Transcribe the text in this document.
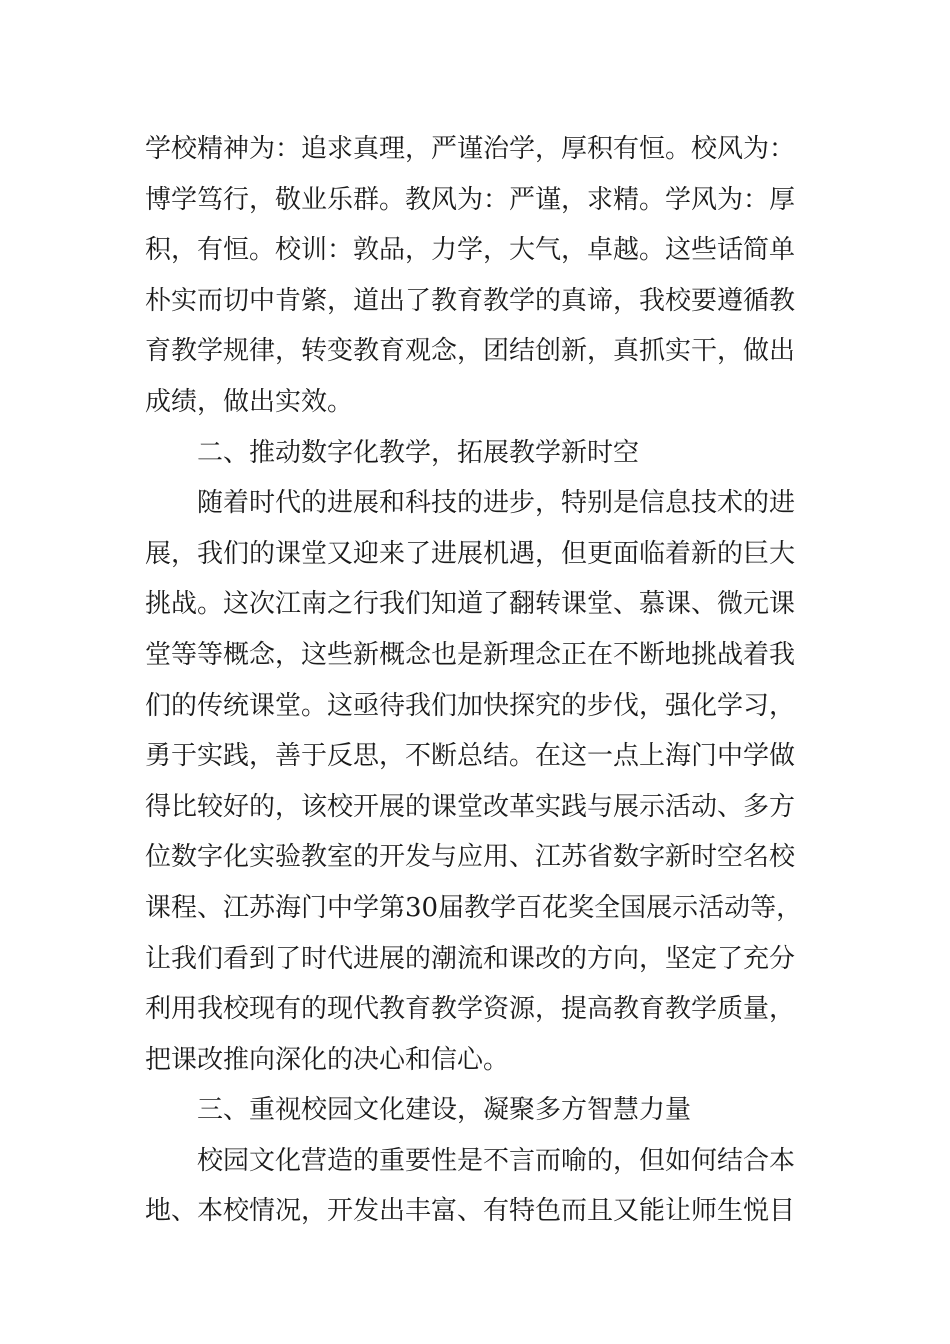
学校精神为：追求真理，严谨治学，厚积有恒。校风为：
博学笃行，敬业乐群。教风为：严谨，求精。学风为：厚
积，有恒。校训：敦品，力学，大气，卓越。这些话简单
朴实而切中肯綮，道出了教育教学的真谛，我校要遵循教
育教学规律，转变教育观念，团结创新，真抓实干，做出
成绩，做出实效。
二、推动数字化教学，拓展教学新时空
随着时代的进展和科技的进步，特别是信息技术的进
展，我们的课堂又迎来了进展机遇，但更面临着新的巨大
挑战。这次江南之行我们知道了翻转课堂、慕课、微元课
堂等等概念，这些新概念也是新理念正在不断地挑战着我
们的传统课堂。这亟待我们加快探究的步伐，强化学习，
勇于实践，善于反思，不断总结。在这一点上海门中学做
得比较好的，该校开展的课堂改革实践与展示活动、多方
位数字化实验教室的开发与应用、江苏省数字新时空名校
课程、江苏海门中学第30届教学百花奖全国展示活动等，
让我们看到了时代进展的潮流和课改的方向，坚定了充分
利用我校现有的现代教育教学资源，提高教育教学质量，
把课改推向深化的决心和信心。
三、重视校园文化建设，凝聚多方智慧力量
校园文化营造的重要性是不言而喻的，但如何结合本
地、本校情况，开发出丰富、有特色而且又能让师生悦目
